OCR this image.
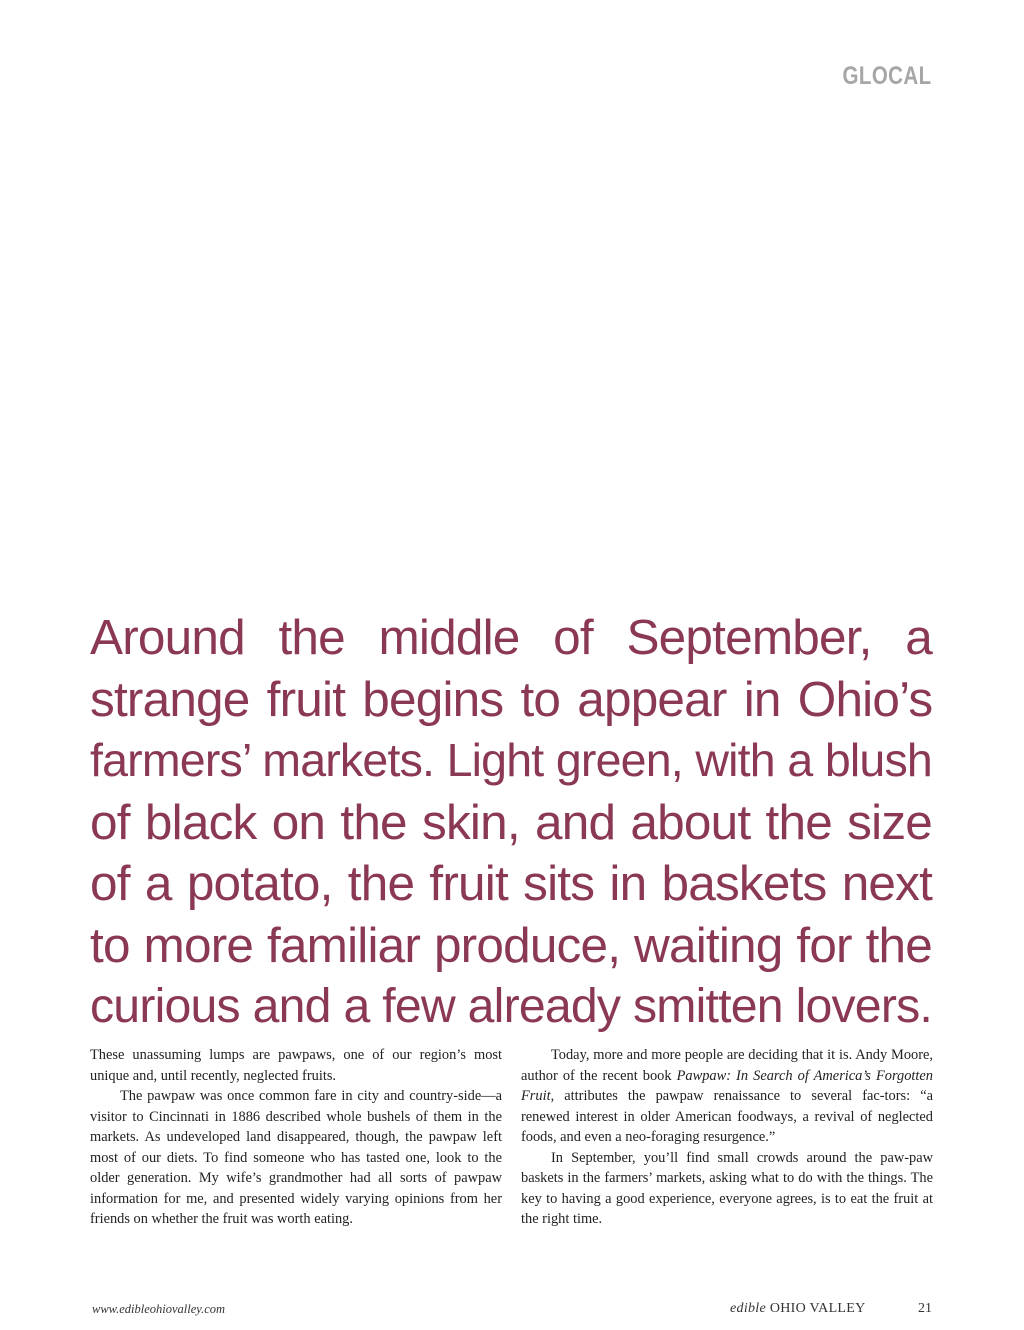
GLOCAL
Around the middle of September, a
strange fruit begins to appear in Ohio’s
farmers’ markets. Light green, with a blush
of black on the skin, and about the size
of a potato, the fruit sits in baskets next
to more familiar produce, waiting for the
curious and a few already smitten lovers.

These unassuming lumps are pawpaws, one of our region’s most unique and, until recently, neglected fruits.

The pawpaw was once common fare in city and country-side—a visitor to Cincinnati in 1886 described whole bushels of them in the markets. As undeveloped land disappeared, though, the pawpaw left most of our diets. To find someone who has tasted one, look to the older generation. My wife’s grandmother had all sorts of pawpaw information for me, and presented widely varying opinions from her friends on whether the fruit was worth eating.

Today, more and more people are deciding that it is. Andy Moore, author of the recent book Pawpaw: In Search of America’s Forgotten Fruit, attributes the pawpaw renaissance to several fac-tors: “a renewed interest in older American foodways, a revival of neglected foods, and even a neo-foraging resurgence.”

In September, you’ll find small crowds around the paw-paw baskets in the farmers’ markets, asking what to do with the things. The key to having a good experience, everyone agrees, is to eat the fruit at the right time.

www.edibleohiovalley.com	edible OHIO VALLEY	21
